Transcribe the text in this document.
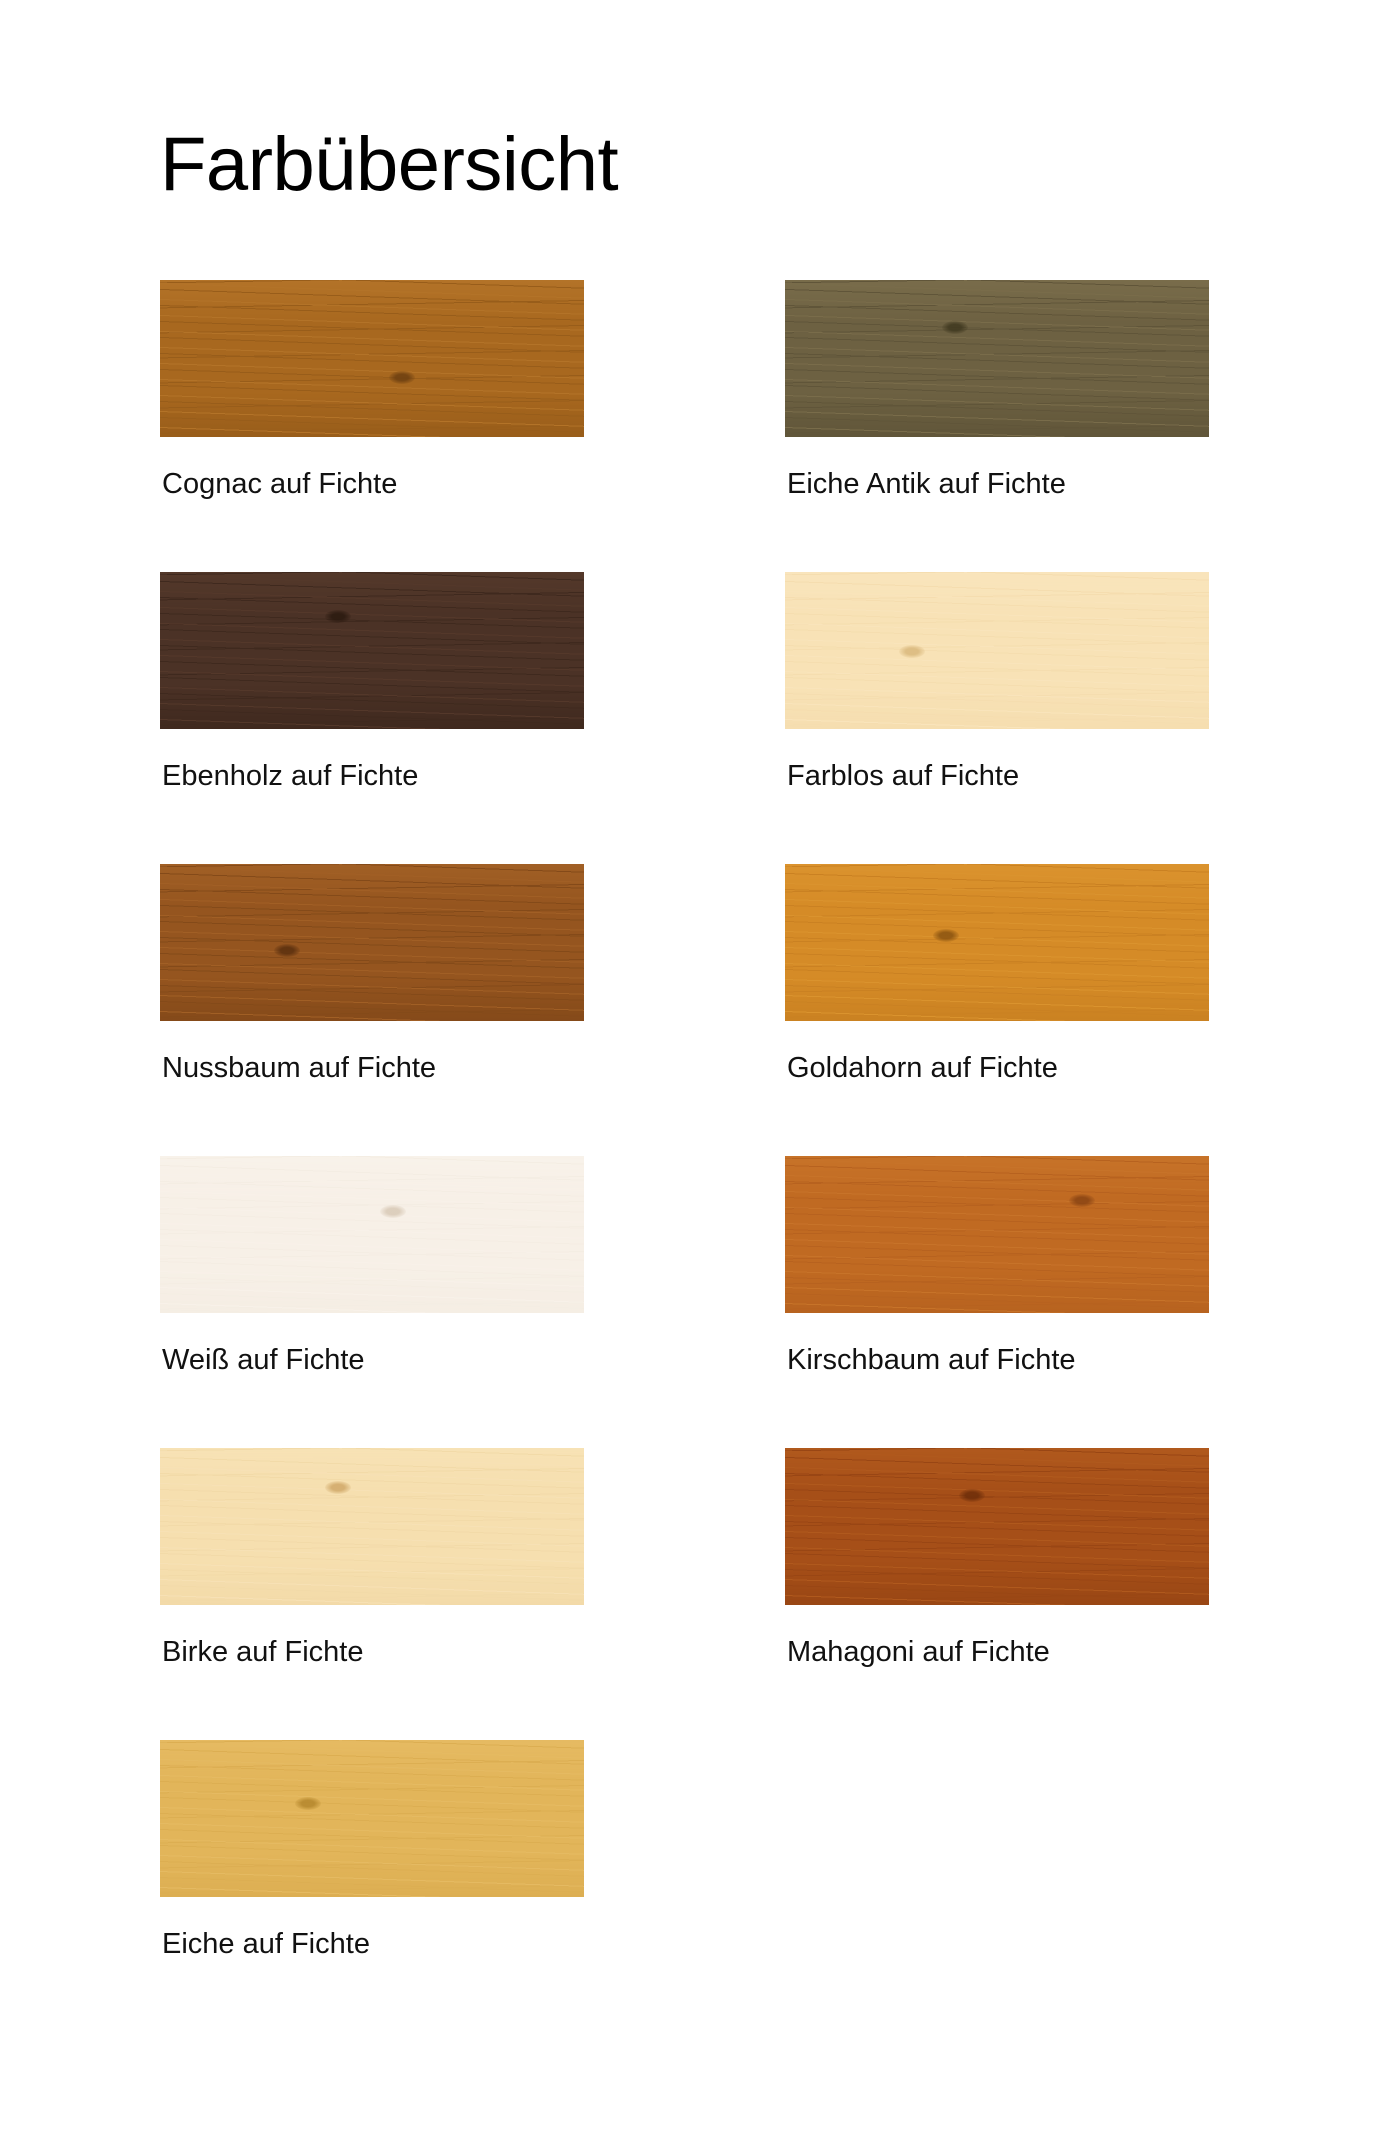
Farbübersicht
Cognac auf Fichte	Eiche Antik auf Fichte
Ebenholz auf Fichte	Farblos auf Fichte
Nussbaum auf Fichte	Goldahorn auf Fichte
Weiß auf Fichte	Kirschbaum auf Fichte
Birke auf Fichte	Mahagoni auf Fichte
Eiche auf Fichte
